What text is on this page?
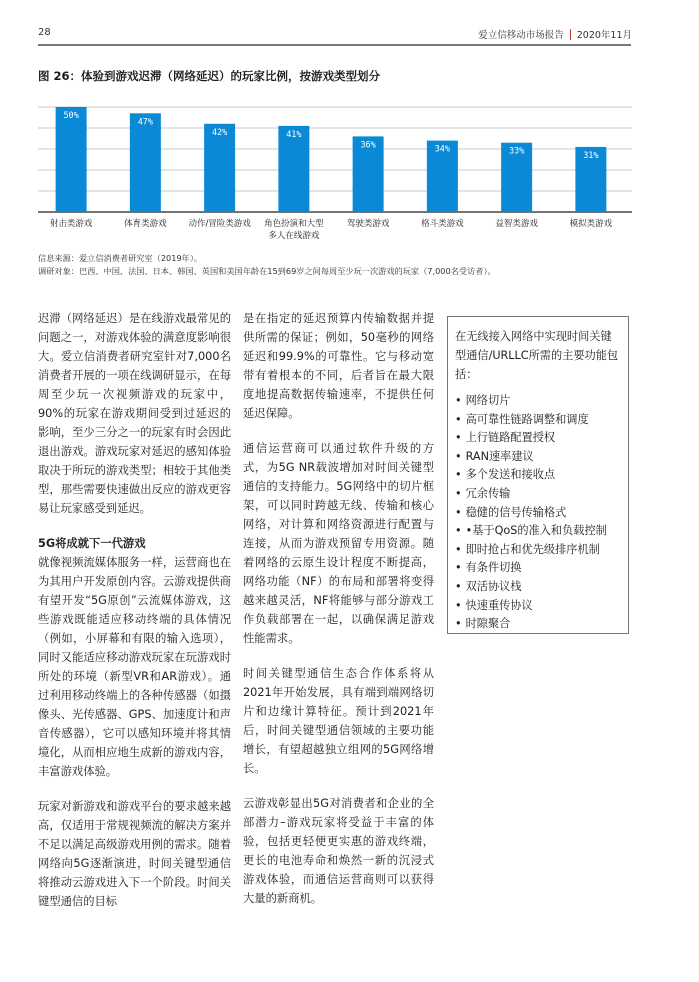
28	爱立信移动市场报告 2020年11月
图 26：体验到游戏迟滞（网络延迟）的玩家比例，按游戏类型划分
50%
47%
42%	41%
36%	34%	33%	31%
射击类游戏	体育类游戏	动作/冒险类游戏 角色扮演和大型
多人在线游戏
驾驶类游戏	格斗类游戏	益智类游戏	模拟类游戏
信息来源：爱立信消费者研究室（2019年）。
调研对象：巴西、中国、法国、日本、韩国、英国和美国年龄在15到69岁之间每周至少玩一次游戏的玩家（7,000名受访者）。

迟滞（网络延迟）是在线游戏最常见的问题之一，对游戏体验的满意度影响很大。爱立信消费者研究室针对7,000名消费者开展的一项在线调研显示，在每周至少玩一次视频游戏的玩家中，90%的玩家在游戏期间受到过延迟的影响，至少三分之一的玩家有时会因此退出游戏。游戏玩家对延迟的感知体验取决于所玩的游戏类型；相较于其他类型，那些需要快速做出反应的游戏更容易让玩家感受到延迟。

5G将成就下一代游戏

就像视频流媒体服务一样，运营商也在为其用户开发原创内容。云游戏提供商有望开发“5G原创”云流媒体游戏，这些游戏既能适应移动终端的具体情况（例如，小屏幕和有限的输入选项），同时又能适应移动游戏玩家在玩游戏时所处的环境（新型VR和AR游戏）。通过利用移动终端上的各种传感器（如摄像头、光传感器、GPS、加速度计和声音传感器），它可以感知环境并将其情境化，从而相应地生成新的游戏内容，丰富游戏体验。

玩家对新游戏和游戏平台的要求越来越高，仅适用于常规视频流的解决方案并不足以满足高级游戏用例的需求。随着网络向5G逐渐演进，时间关键型通信将推动云游戏进入下一个阶段。时间关键型通信的目标

是在指定的延迟预算内传输数据并提供所需的保证；例如，50毫秒的网络延迟和99.9%的可靠性。它与移动宽带有着根本的不同，后者旨在最大限度地提高数据传输速率，不提供任何延迟保障。

通信运营商可以通过软件升级的方式，为5G NR载波增加对时间关键型通信的支持能力。5G网络中的切片框架，可以同时跨越无线、传输和核心网络，对计算和网络资源进行配置与连接，从而为游戏预留专用资源。随着网络的云原生设计程度不断提高，网络功能（NF）的布局和部署将变得越来越灵活，NF将能够与部分游戏工作负载部署在一起，以确保满足游戏性能需求。

时间关键型通信生态合作体系将从2021年开始发展，具有端到端网络切片和边缘计算特征。预计到2021年后，时间关键型通信领域的主要功能增长，有望超越独立组网的5G网络增长。

云游戏彰显出5G对消费者和企业的全部潜力–游戏玩家将受益于丰富的体验，包括更轻便更实惠的游戏终端，更长的电池寿命和焕然一新的沉浸式游戏体验，而通信运营商则可以获得大量的新商机。

在无线接入网络中实现时间关键型通信/URLLC所需的主要功能包括：

• 网络切片
• 高可靠性链路调整和调度
• 上行链路配置授权
• RAN速率建议
• 多个发送和接收点
• 冗余传输
• 稳健的信号传输格式
• •基于QoS的准入和负载控制
• 即时抢占和优先级排序机制
• 有条件切换
• 双活协议栈
• 快速重传协议
• 时隙聚合
